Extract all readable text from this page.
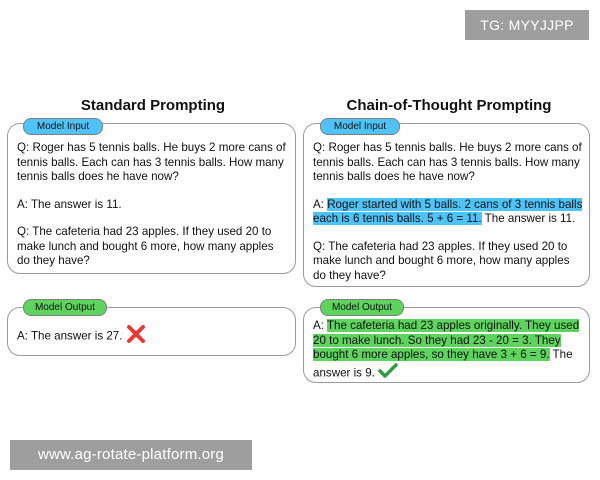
TG: MYYJJPP
www.ag-rotate-platform.org
Standard Prompting	Chain-of-Thought Prompting
Model Input	Model Input
Model Output	Model Output

Q: Roger has 5 tennis balls. He buys 2 more cans of tennis balls. Each can has 3 tennis balls. How many tennis balls does he have now?

A: The answer is 11.

Q: The cafeteria had 23 apples. If they used 20 to make lunch and bought 6 more, how many apples do they have?

Q: Roger has 5 tennis balls. He buys 2 more cans of tennis balls. Each can has 3 tennis balls. How many tennis balls does he have now?

A: Roger started with 5 balls. 2 cans of 3 tennis balls each is 6 tennis balls. 5 + 6 = 11. The answer is 11.

Q: The cafeteria had 23 apples. If they used 20 to make lunch and bought 6 more, how many apples do they have?

A: The answer is 27.
A: The cafeteria had 23 apples originally. They used 20 to make lunch. So they had 23 - 20 = 3. They bought 6 more apples, so they have 3 + 6 = 9. The answer is 9.
